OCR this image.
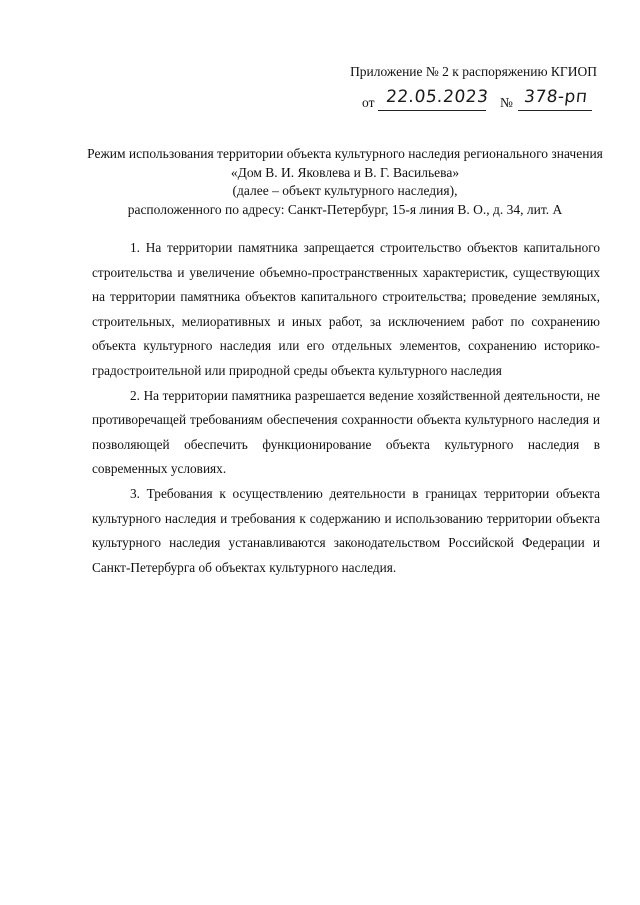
Приложение № 2 к распоряжению КГИОП
от 22.05.2023 № 378-рп
Режим использования территории объекта культурного наследия регионального значения
«Дом В. И. Яковлева и В. Г. Васильева»
(далее – объект культурного наследия),
расположенного по адресу: Санкт-Петербург, 15-я линия В. О., д. 34, лит. А

1. На территории памятника запрещается строительство объектов капитального строительства и увеличение объемно-пространственных характеристик, существующих на территории памятника объектов капитального строительства; проведение земляных, строительных, мелиоративных и иных работ, за исключением работ по сохранению объекта культурного наследия или его отдельных элементов, сохранению историко-градостроительной или природной среды объекта культурного наследия

2. На территории памятника разрешается ведение хозяйственной деятельности, не противоречащей требованиям обеспечения сохранности объекта культурного наследия и позволяющей обеспечить функционирование объекта культурного наследия в современных условиях.

3. Требования к осуществлению деятельности в границах территории объекта культурного наследия и требования к содержанию и использованию территории объекта культурного наследия устанавливаются законодательством Российской Федерации и Санкт-Петербурга об объектах культурного наследия.
